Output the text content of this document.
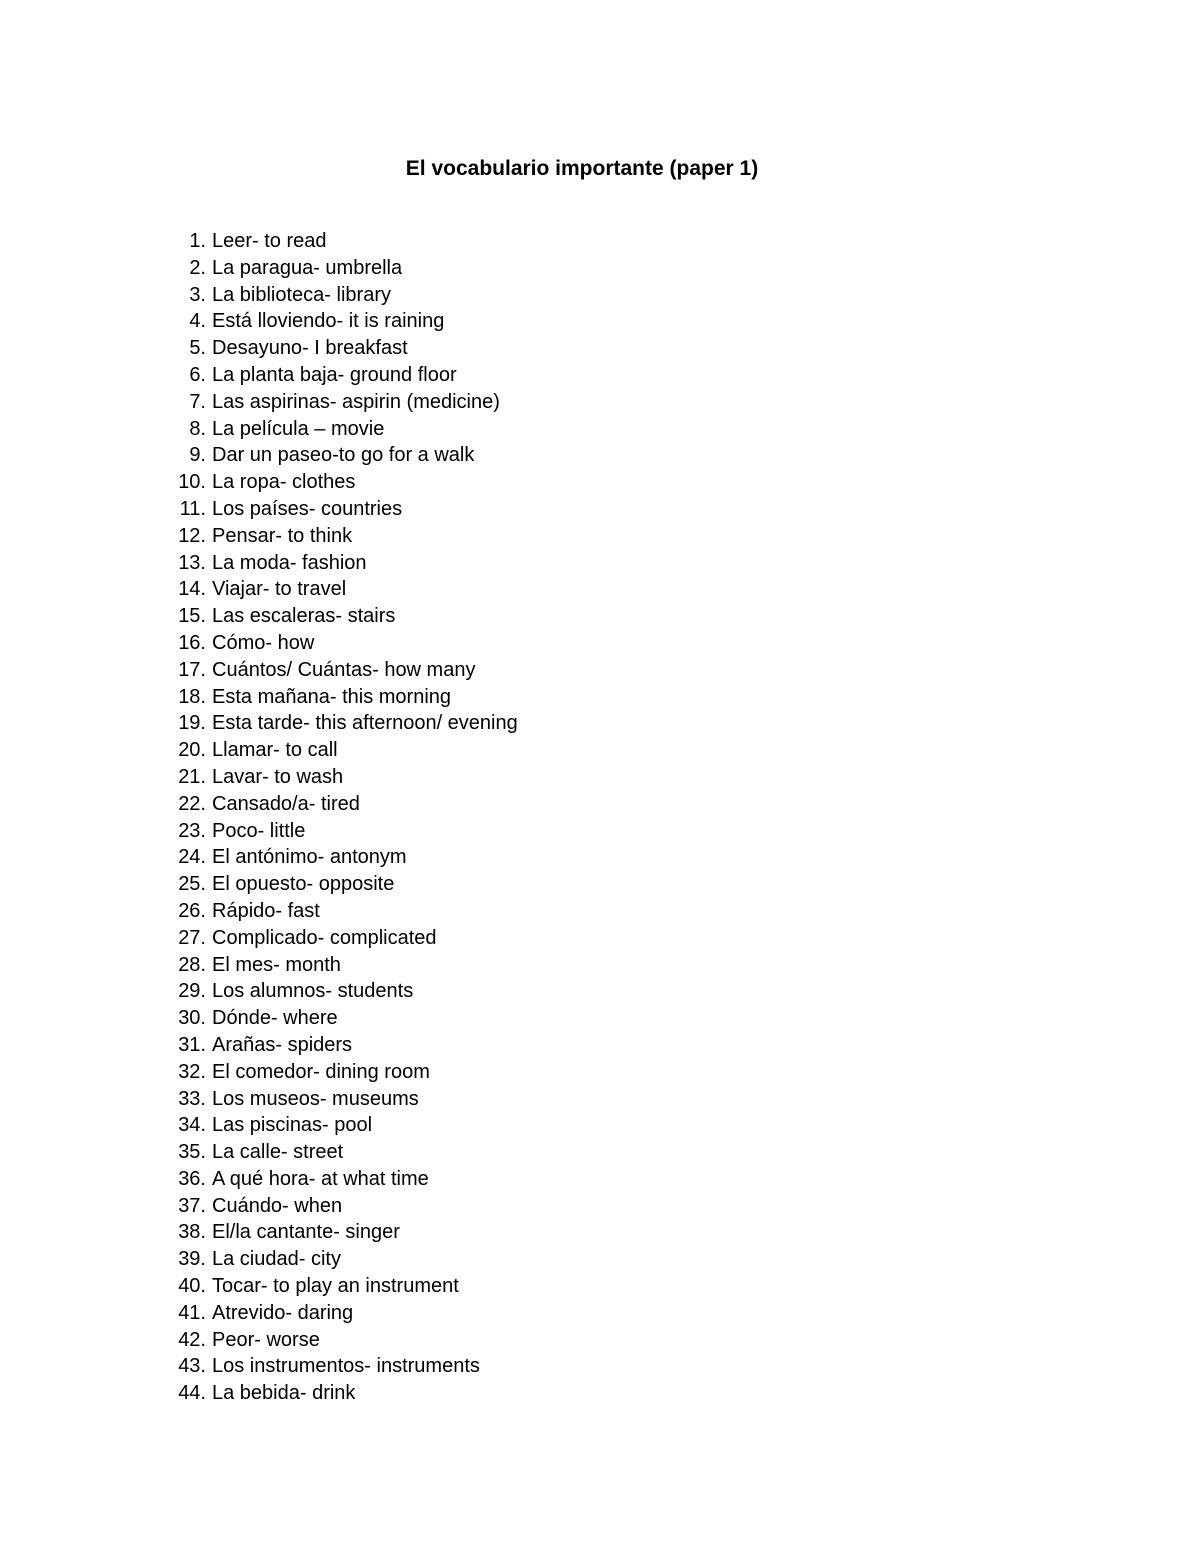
El vocabulario importante (paper 1)
1. Leer- to read
2. La paragua- umbrella
3. La biblioteca- library
4. Está lloviendo- it is raining
5. Desayuno- I breakfast
6. La planta baja- ground floor
7. Las aspirinas- aspirin (medicine)
8. La película – movie
9. Dar un paseo-to go for a walk
10. La ropa- clothes
11. Los países- countries
12. Pensar- to think
13. La moda- fashion
14. Viajar- to travel
15. Las escaleras- stairs
16. Cómo- how
17. Cuántos/ Cuántas- how many
18. Esta mañana- this morning
19. Esta tarde- this afternoon/ evening
20. Llamar- to call
21. Lavar- to wash
22. Cansado/a- tired
23. Poco- little
24. El antónimo- antonym
25. El opuesto- opposite
26. Rápido- fast
27. Complicado- complicated
28. El mes- month
29. Los alumnos- students
30. Dónde- where
31. Arañas- spiders
32. El comedor- dining room
33. Los museos- museums
34. Las piscinas- pool
35. La calle- street
36. A qué hora- at what time
37. Cuándo- when
38. El/la cantante- singer
39. La ciudad- city
40. Tocar- to play an instrument
41. Atrevido- daring
42. Peor- worse
43. Los instrumentos- instruments
44. La bebida- drink
